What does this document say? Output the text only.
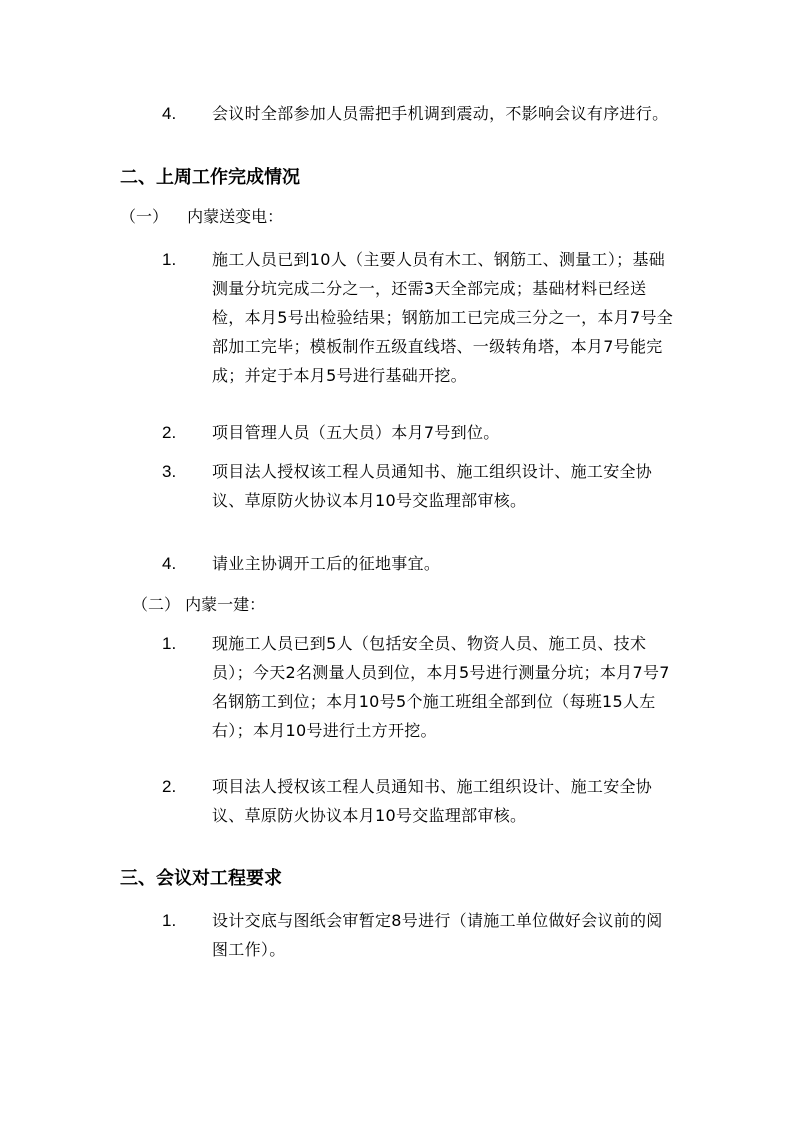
4. 会议时全部参加人员需把手机调到震动，不影响会议有序进行。
二、上周工作完成情况
（一） 内蒙送变电：
1. 施工人员已到10人（主要人员有木工、钢筋工、测量工）；基础测量分坑完成二分之一，还需3天全部完成；基础材料已经送检，本月5号出检验结果；钢筋加工已完成三分之一，本月7号全部加工完毕；模板制作五级直线塔、一级转角塔，本月7号能完成；并定于本月5号进行基础开挖。
2. 项目管理人员（五大员）本月7号到位。
3. 项目法人授权该工程人员通知书、施工组织设计、施工安全协议、草原防火协议本月10号交监理部审核。
4. 请业主协调开工后的征地事宜。
（二） 内蒙一建：
1. 现施工人员已到5人（包括安全员、物资人员、施工员、技术员）；今天2名测量人员到位，本月5号进行测量分坑；本月7号7名钢筋工到位；本月10号5个施工班组全部到位（每班15人左右）；本月10号进行土方开挖。
2. 项目法人授权该工程人员通知书、施工组织设计、施工安全协议、草原防火协议本月10号交监理部审核。
三、会议对工程要求
1. 设计交底与图纸会审暂定8号进行（请施工单位做好会议前的阅图工作）。
